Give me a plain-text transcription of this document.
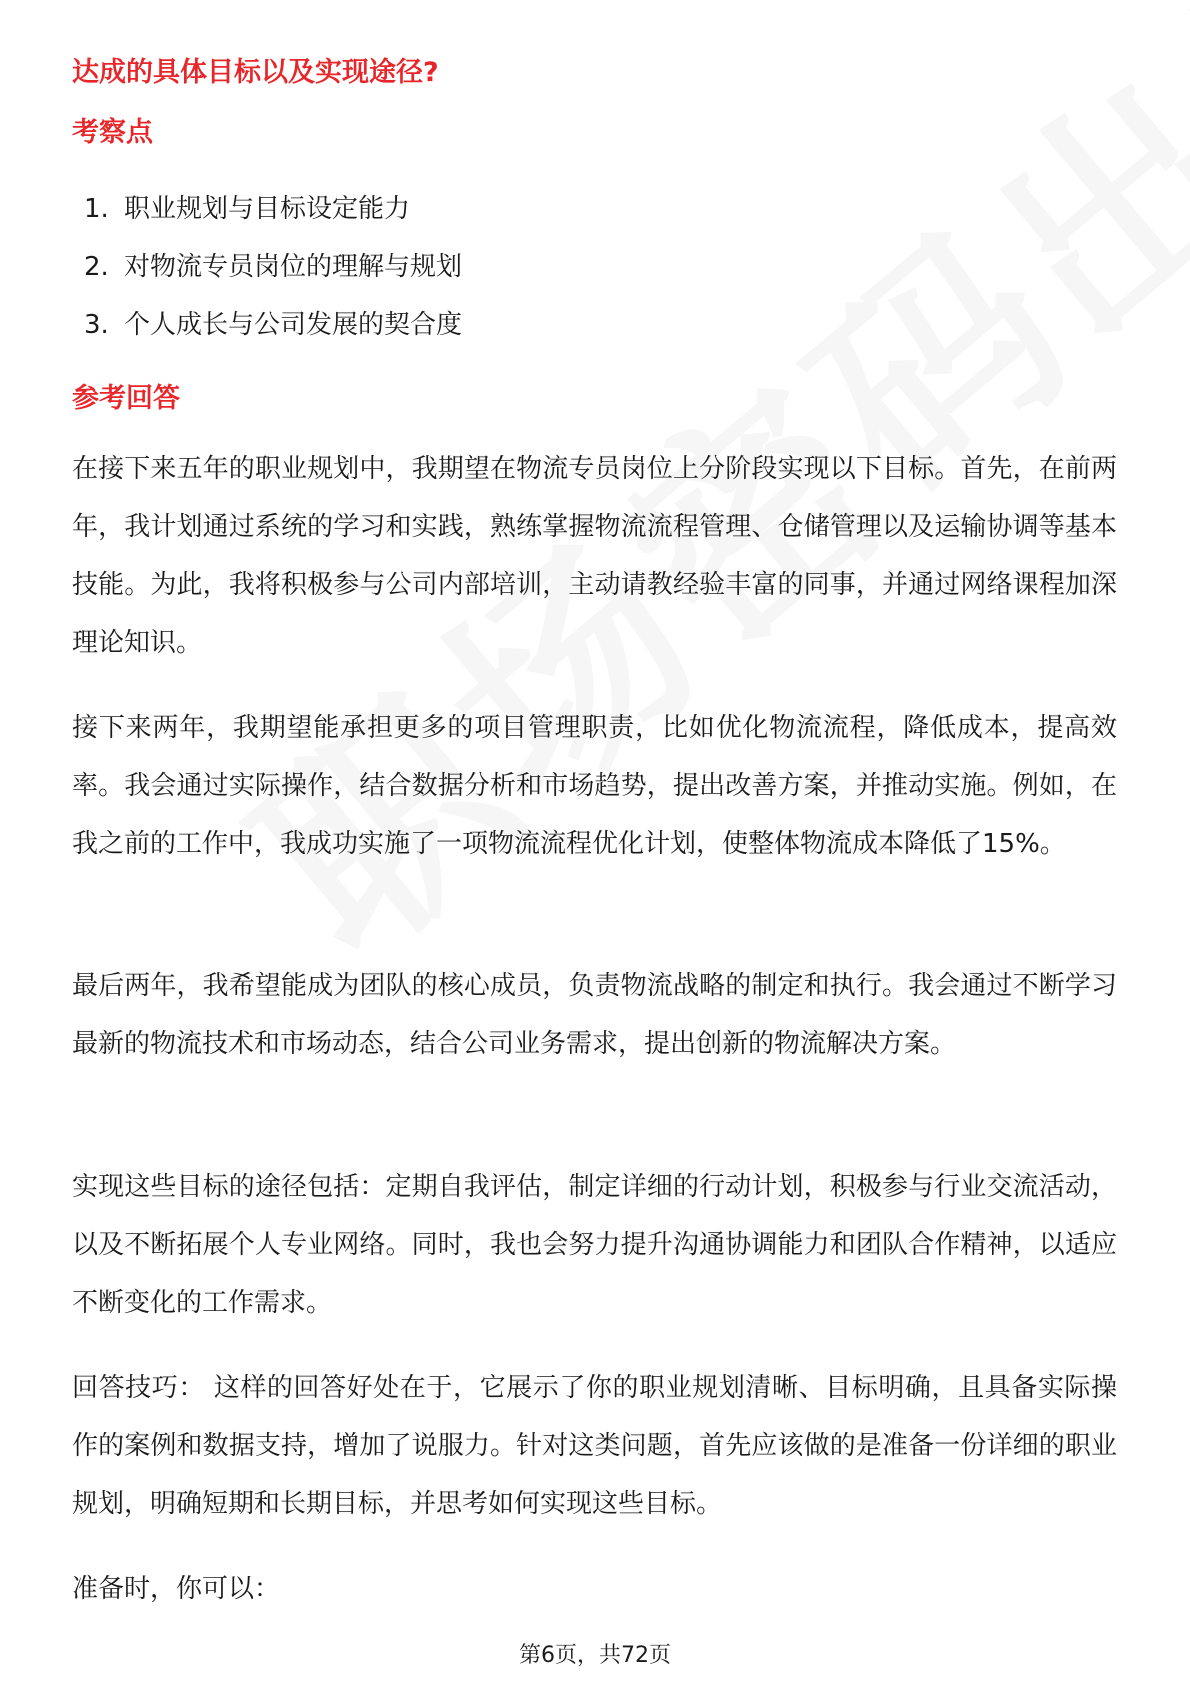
达成的具体目标以及实现途径?
考察点
1. 职业规划与目标设定能力
2. 对物流专员岗位的理解与规划
3. 个人成长与公司发展的契合度
参考回答

在接下来五年的职业规划中，我期望在物流专员岗位上分阶段实现以下目标。首先，在前两年，我计划通过系统的学习和实践，熟练掌握物流流程管理、仓储管理以及运输协调等基本技能。为此，我将积极参与公司内部培训，主动请教经验丰富的同事，并通过网络课程加深理论知识。

接下来两年，我期望能承担更多的项目管理职责，比如优化物流流程，降低成本，提高效率。我会通过实际操作，结合数据分析和市场趋势，提出改善方案，并推动实施。例如，在我之前的工作中，我成功实施了一项物流流程优化计划，使整体物流成本降低了15%。

最后两年，我希望能成为团队的核心成员，负责物流战略的制定和执行。我会通过不断学习最新的物流技术和市场动态，结合公司业务需求，提出创新的物流解决方案。

实现这些目标的途径包括：定期自我评估，制定详细的行动计划，积极参与行业交流活动，以及不断拓展个人专业网络。同时，我也会努力提升沟通协调能力和团队合作精神，以适应不断变化的工作需求。

回答技巧： 这样的回答好处在于，它展示了你的职业规划清晰、目标明确，且具备实际操作的案例和数据支持，增加了说服力。针对这类问题，首先应该做的是准备一份详细的职业规划，明确短期和长期目标，并思考如何实现这些目标。

准备时，你可以：

第6页，共72页
